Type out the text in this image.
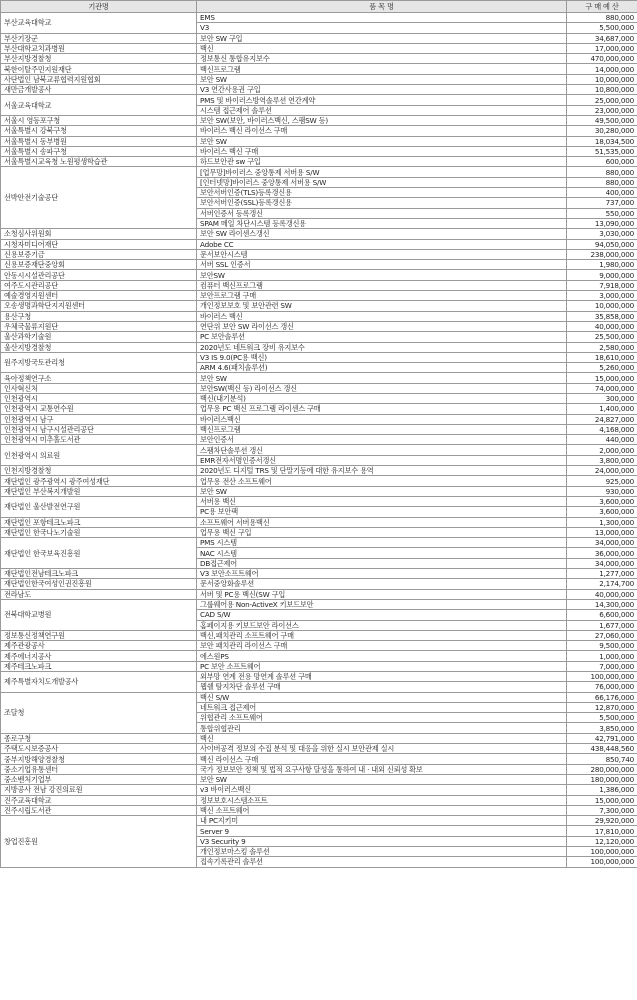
기관명	품 목 명	구 매 예 산
부산교육대학교	EMS	880,000
	V3	5,500,000
부산기장군	보안 SW 구입	34,687,000
부산대학교치과병원	백신	17,000,000
부산지방경찰청	정보통신 통합유지보수	470,000,000
북한이탈주민지원재단	백신프로그램	14,000,000
사단법인 남북교류협력지원협회	보안 SW	10,000,000
새만금개발공사	V3 연간사용권 구입	10,800,000
서울교육대학교	PMS 및 바이러스방역솔루션 연간계약	25,000,000
	시스템 접근제어 솔루션	23,000,000
서울시 영등포구청	보안 SW(보안, 바이러스백신, 스팸SW 등)	49,500,000
서울특별시 강북구청	바이러스 백신 라이선스 구매	30,280,000
서울특별시 동부병원	보안 SW	18,034,500
서울특별시 송파구청	바이러스 백신 구매	51,535,000
서울특별시교육청 노원평생학습관	하드보안관 sw 구입	600,000
선박안전기술공단	[업무망]바이러스 중앙통제 서버용 S/W	880,000
	[인터넷망]바이러스 중앙통제 서버용 S/W	880,000
	보안서버인증(TLS)등록갱신용	400,000
	보안서버인증(SSL)등록갱신용	737,000
	서버인증서 등록갱신	550,000
	SPAM 메일 차단시스템 등록갱신용	13,090,000
소청심사위원회	보안 SW 라이센스갱신	3,030,000
시청자미디어재단	Adobe CC	94,050,000
신용보증기금	문서보안시스템	238,000,000
신용보증재단중앙회	서버 SSL 인증서	1,980,000
안동시시설관리공단	보안SW	9,000,000
여주도시관리공단	컴퓨터 백신프로그램	7,918,000
예술경영지원센터	보안프로그램 구매	3,000,000
오송생명과학단지지원센터	개인정보보호 및 보안관련 SW	10,000,000
용산구청	바이러스 백신	35,858,000
우체국물류지원단	연단위 보안 SW 라이선스 갱신	40,000,000
울산과학기술원	PC 보안솔루션	25,500,000
울산지방경찰청	2020년도 네트워크 장비 유지보수	2,580,000
원주지방국토관리청	V3 IS 9.0(PC용 백신)	18,610,000
	ARM 4.6(패치솔루션)	5,260,000
육아정책연구소	보안 SW	15,000,000
인사혁신처	보안SW(백신 등) 라이선스 갱신	74,000,000
인천광역시	백신(내기분석)	300,000
인천광역시 교통연수원	업무용 PC 백신 프로그램 라이센스 구매	1,400,000
인천광역시 남구	바이러스백신	24,827,000
인천광역시 남구시설관리공단	백신프로그램	4,168,000
인천광역시 미추홀도서관	보안인증서	440,000
인천광역시 의료원	스팸차단솔루션 갱신	2,000,000
	EMR전자서명인증서갱신	3,800,000
인천지방경찰청	2020년도 디지털 TRS 및 단말기등에 대한 유지보수 용역	24,000,000
재단법인 광주광역시 광주여성재단	업무용 전산 소프트웨어	925,000
재단법인 부산복지개발원	보안 SW	930,000
재단법인 울산발전연구원	서버용 백신	3,600,000
	PC용 보안팩	3,600,000
재단법인 포항테크노파크	소프트웨어 서버용백신	1,300,000
재단법인 한국나노기술원	업무용 백신 구입	13,000,000
재단법인 한국보육진흥원	PMS 시스템	34,000,000
	NAC 시스템	36,000,000
	DB접근제어	34,000,000
재단법인전남테크노파크	V3 보안소프트웨어	1,277,000
재단법인한국여성인권진흥원	문서중앙화솔루션	2,174,700
전라남도	서버 및 PC용 백신(SW 구입	40,000,000
전북대학교병원	그룹웨어용 Non-ActiveX 키보드보안	14,300,000
	CAD S/W	6,600,000
	홈페이지용 키보드보안 라이선스	1,677,000
정보통신정책연구원	백신,패치관리 소프트웨어 구매	27,060,000
제주관광공사	보안 패치관리 라이선스 구매	9,500,000
제주에너지공사	에스원PS	1,000,000
제주테크노파크	PC 보안 소프트웨어	7,000,000
제주특별자치도개발공사	외부망 연계 전용 망연계 솔루션 구매	100,000,000
	웹쉘 탐지차단 솔루션 구매	76,000,000
조달청	백신 S/W	66,176,000
	네트워크 접근제어	12,870,000
	위협관리 소프트웨어	5,500,000
	통합위협관리	3,850,000
종로구청	백신	42,791,000
주택도시보증공사	사이버공격 정보의 수집 분석 및 대응을 위한 실시 보안관제 실시	438,448,560
중부지방해양경찰청	백신 라이선스 구매	850,740
중소기업유통센터	국가 정보보안 정책 및 법적 요구사항 달성을 통하여 내 · 내외 신뢰성 확보	280,000,000
중소벤처기업부	보안 SW	180,000,000
지방공사 전남 강진의료원	v3 바이러스백신	1,386,000
진주교육대학교	정보보호시스템소프트	15,000,000
진주시립도서관	백신 소프트웨어	7,300,000
창업진흥원	내 PC지키미	29,920,000
	Server 9	17,810,000
	V3 Security 9	12,120,000
	개인정보마스킹 솔루션	100,000,000
	접속기록관리 솔루션	100,000,000
